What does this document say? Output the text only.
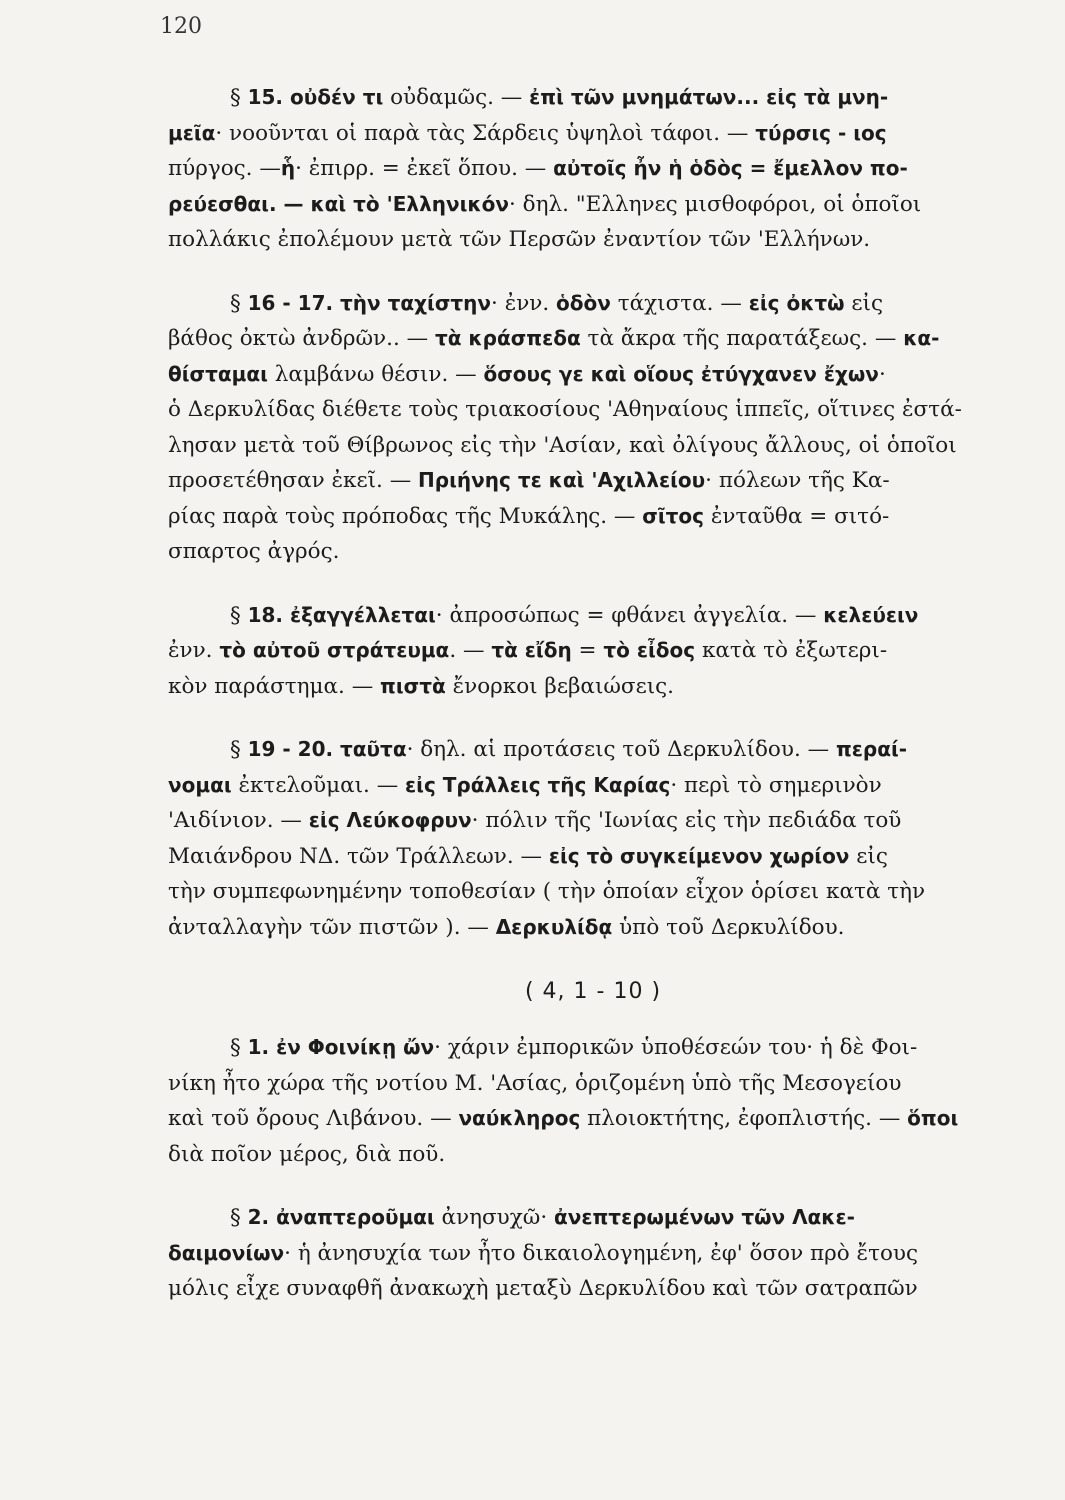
120
§ 15. οὐδέν τι οὐδαμῶς. — ἐπὶ τῶν μνημάτων... εἰς τὰ μνη-
μεῖα· νοοῦνται οἱ παρὰ τὰς Σάρδεις ὑψηλοὶ τάφοι. — τύρσις - ιος
πύργος. —ἧ· ἐπιρρ. = ἐκεῖ ὅπου. — αὐτοῖς ἦν ἡ ὁδὸς = ἔμελλον πο-
ρεύεσθαι. — καὶ τὸ 'Ελληνικόν· δηλ. "Ελληνες μισθοφόροι, οἱ ὁποῖοι
πολλάκις ἐπολέμουν μετὰ τῶν Περσῶν ἐναντίον τῶν 'Ελλήνων.
§ 16 - 17. τὴν ταχίστην· ἐνν. ὁδὸν τάχιστα. — εἰς ὀκτὼ εἰς
βάθος ὀκτὼ ἀνδρῶν.. — τὰ κράσπεδα τὰ ἄκρα τῆς παρατάξεως. — κα-
θίσταμαι λαμβάνω θέσιν. — ὅσους γε καὶ οἵους ἐτύγχανεν ἔχων·
ὁ Δερκυλίδας διέθετε τοὺς τριακοσίους 'Αθηναίους ἱππεῖς, οἵτινες ἐστά-
λησαν μετὰ τοῦ Θίβρωνος εἰς τὴν 'Ασίαν, καὶ ὀλίγους ἄλλους, οἱ ὁποῖοι
προσετέθησαν ἐκεῖ. — Πριήνης τε καὶ 'Αχιλλείου· πόλεων τῆς Κα-
ρίας παρὰ τοὺς πρόποδας τῆς Μυκάλης. — σῖτος ἐνταῦθα = σιτό-
σπαρτος ἀγρός.
§ 18. ἐξαγγέλλεται· ἀπροσώπως = φθάνει ἀγγελία. — κελεύειν
ἐνν. τὸ αὐτοῦ στράτευμα. — τὰ εἴδη = τὸ εἶδος κατὰ τὸ ἐξωτερι-
κὸν παράστημα. — πιστὰ ἔνορκοι βεβαιώσεις.
§ 19 - 20. ταῦτα· δηλ. αἱ προτάσεις τοῦ Δερκυλίδου. — περαί-
νομαι ἐκτελοῦμαι. — εἰς Τράλλεις τῆς Καρίας· περὶ τὸ σημερινὸν
'Αιδίνιον. — εἰς Λεύκοφρυν· πόλιν τῆς 'Ιωνίας εἰς τὴν πεδιάδα τοῦ
Μαιάνδρου ΝΔ. τῶν Τράλλεων. — εἰς τὸ συγκείμενον χωρίον εἰς
τὴν συμπεφωνημένην τοποθεσίαν ( τὴν ὁποίαν εἶχον ὁρίσει κατὰ τὴν
ἀνταλλαγὴν τῶν πιστῶν ). — Δερκυλίδᾳ ὑπὸ τοῦ Δερκυλίδου.
( 4, 1 - 10 )
§ 1. ἐν Φοινίκῃ ὤν· χάριν ἐμπορικῶν ὑποθέσεών του· ἡ δὲ Φοι-
νίκη ἦτο χώρα τῆς νοτίου Μ. 'Ασίας, ὁριζομένη ὑπὸ τῆς Μεσογείου
καὶ τοῦ ὄρους Λιβάνου. — ναύκληρος πλοιοκτήτης, ἐφοπλιστής. — ὅποι
διὰ ποῖον μέρος, διὰ ποῦ.
§ 2. ἀναπτεροῦμαι ἀνησυχῶ· ἀνεπτερωμένων τῶν Λακε-
δαιμονίων· ἡ ἀνησυχία των ἦτο δικαιολογημένη, ἐφ' ὅσον πρὸ ἔτους
μόλις εἶχε συναφθῆ ἀνακωχὴ μεταξὺ Δερκυλίδου καὶ τῶν σατραπῶν
